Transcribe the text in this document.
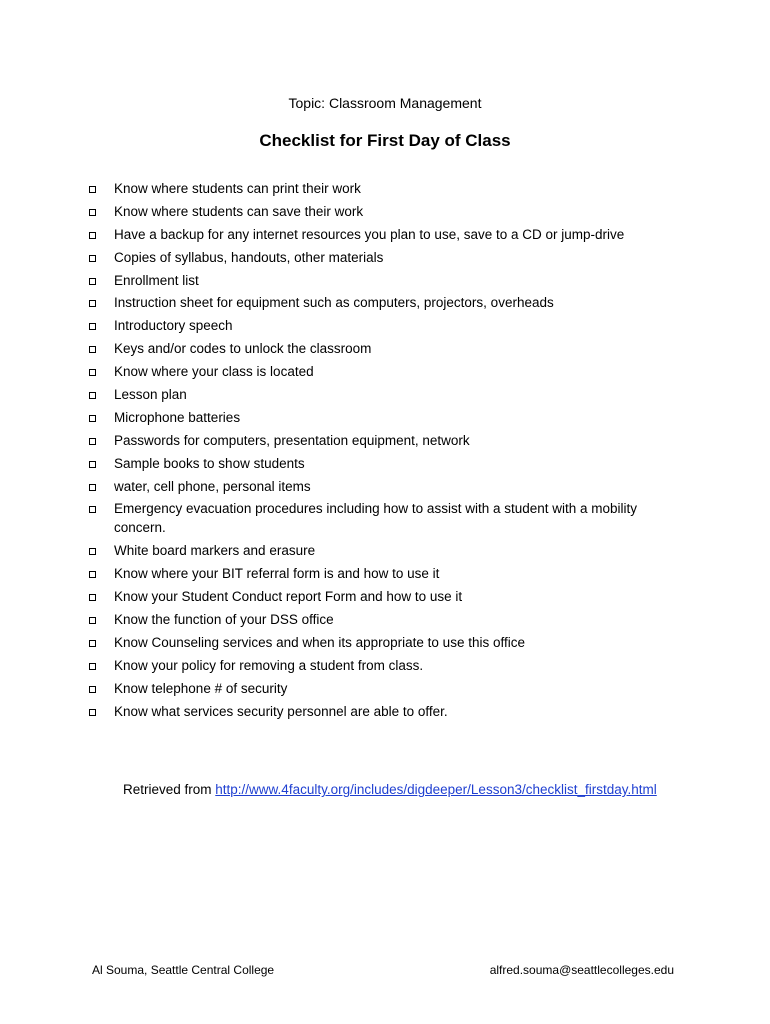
Topic: Classroom Management
Checklist for First Day of Class
Know where students can print their work
Know where students can save their work
Have a backup for any internet resources you plan to use, save to a CD or jump-drive
Copies of syllabus, handouts, other materials
Enrollment list
Instruction sheet for equipment such as computers, projectors, overheads
Introductory speech
Keys and/or codes to unlock the classroom
Know where your class is located
Lesson plan
Microphone batteries
Passwords for computers, presentation equipment, network
Sample books to show students
water, cell phone, personal items
Emergency evacuation procedures including how to assist with a student with a mobility concern.
White board markers and erasure
Know where your BIT referral form is and how to use it
Know your Student Conduct report Form and how to use it
Know the function of your DSS office
Know Counseling services and when its appropriate to use this office
Know your policy for removing a student from class.
Know telephone # of security
Know what services security personnel are able to offer.
Retrieved from http://www.4faculty.org/includes/digdeeper/Lesson3/checklist_firstday.html
Al Souma, Seattle Central College	alfred.souma@seattlecolleges.edu
